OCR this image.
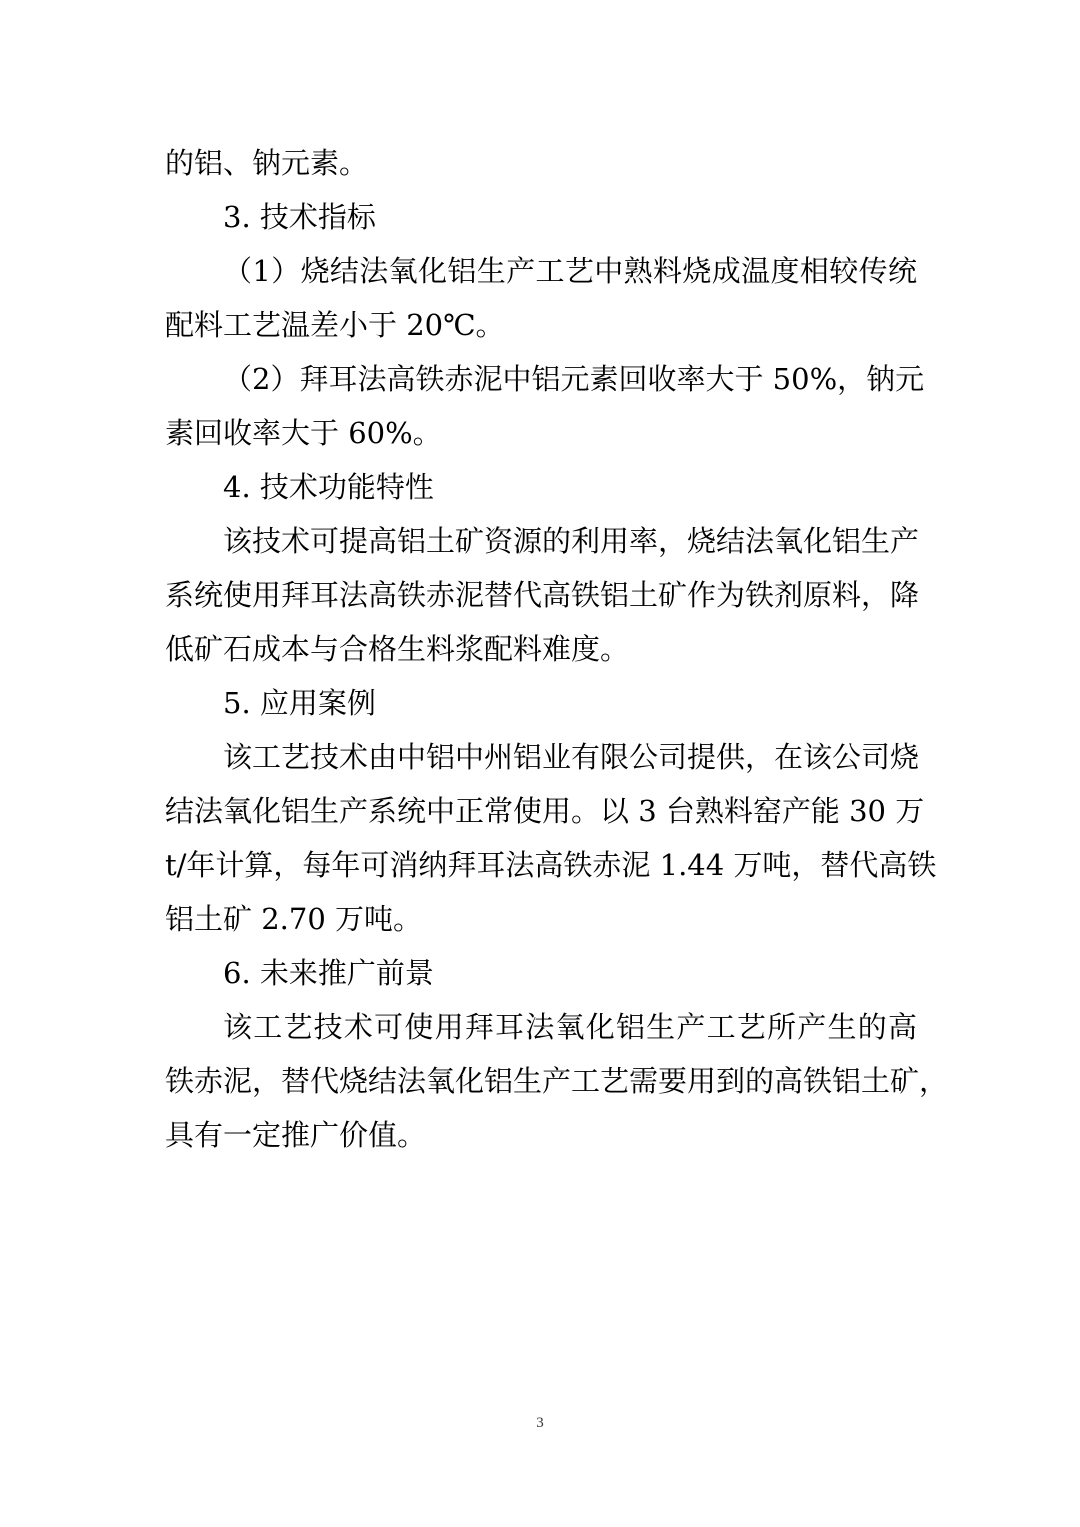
的铝、钠元素。
3. 技术指标
（1）烧结法氧化铝生产工艺中熟料烧成温度相较传统
配料工艺温差小于 20℃。
（2）拜耳法高铁赤泥中铝元素回收率大于 50%，钠元
素回收率大于 60%。
4. 技术功能特性
该技术可提高铝土矿资源的利用率，烧结法氧化铝生产
系统使用拜耳法高铁赤泥替代高铁铝土矿作为铁剂原料，降
低矿石成本与合格生料浆配料难度。
5. 应用案例
该工艺技术由中铝中州铝业有限公司提供，在该公司烧
结法氧化铝生产系统中正常使用。以 3 台熟料窑产能 30 万
t/年计算，每年可消纳拜耳法高铁赤泥 1.44 万吨，替代高铁
铝土矿 2.70 万吨。
6. 未来推广前景
该工艺技术可使用拜耳法氧化铝生产工艺所产生的高
铁赤泥，替代烧结法氧化铝生产工艺需要用到的高铁铝土矿，
具有一定推广价值。
3
